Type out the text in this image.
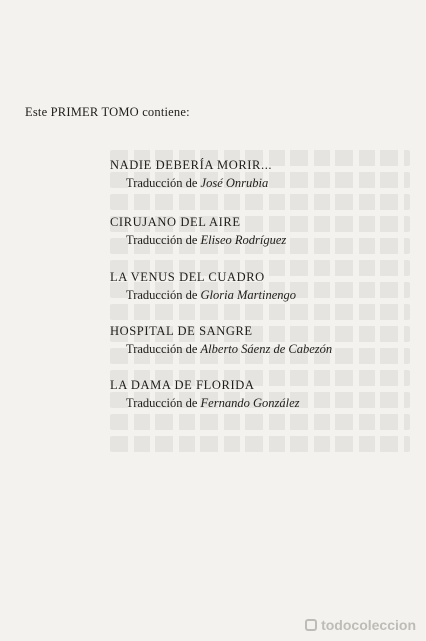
Este PRIMER TOMO contiene:
NADIE DEBERÍA MORIR...
Traducción de José Onrubia
CIRUJANO DEL AIRE
Traducción de Eliseo Rodríguez
LA VENUS DEL CUADRO
Traducción de Gloria Martinengo
HOSPITAL DE SANGRE
Traducción de Alberto Sáenz de Cabezón
LA DAMA DE FLORIDA
Traducción de Fernando González
todocoleccion
